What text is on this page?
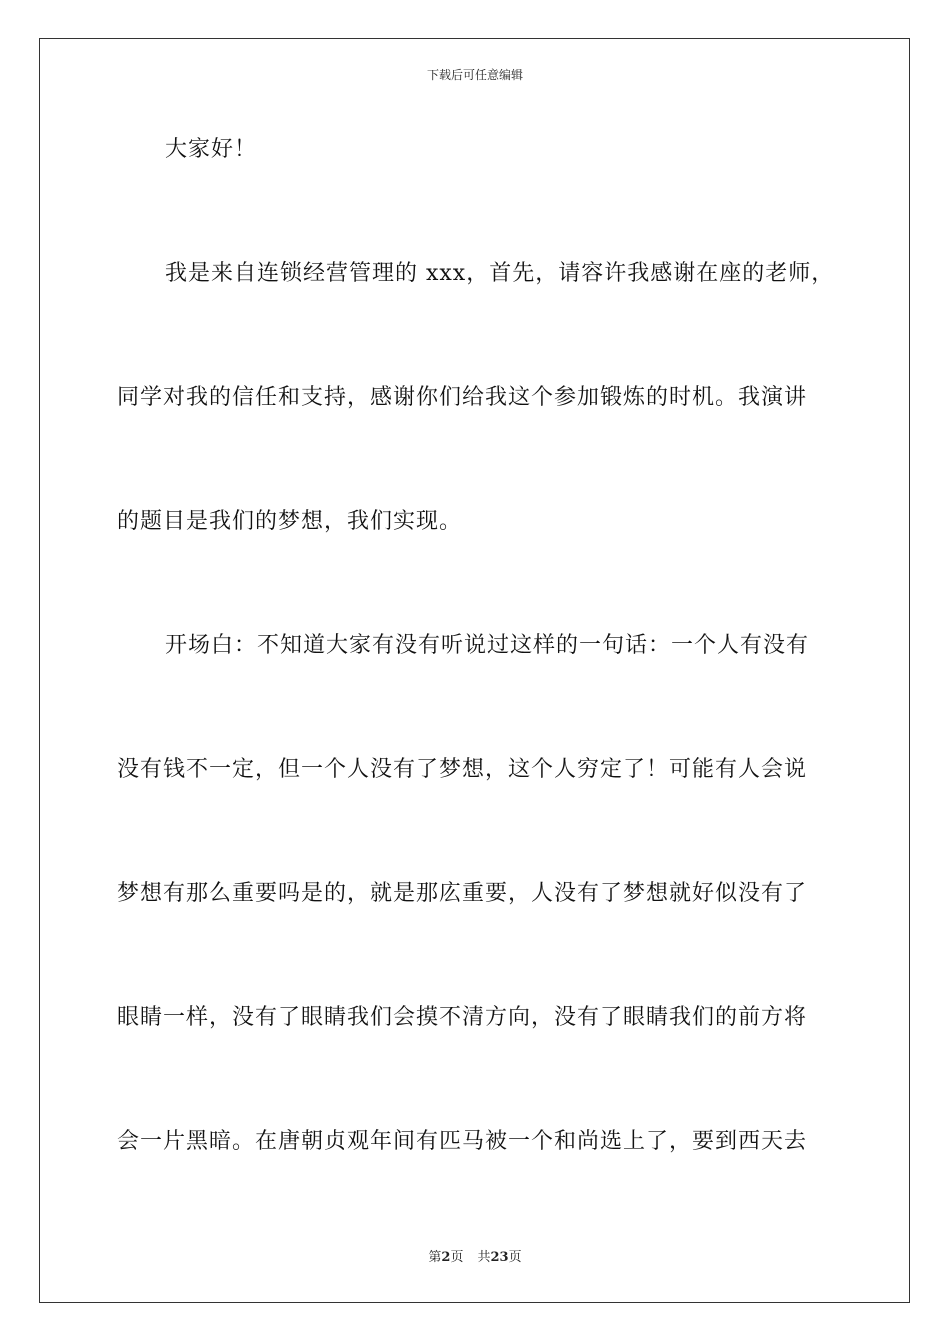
下载后可任意编辑
大家好！
我是来自连锁经营管理的 xxx，首先，请容许我感谢在座的老师，
同学对我的信任和支持，感谢你们给我这个参加锻炼的时机。我演讲
的题目是我们的梦想，我们实现。
开场白：不知道大家有没有听说过这样的一句话：一个人有没有
没有钱不一定，但一个人没有了梦想，这个人穷定了！可能有人会说
梦想有那么重要吗是的，就是那庅重要，人没有了梦想就好似没有了
眼睛一样，没有了眼睛我们会摸不清方向，没有了眼睛我们的前方将
会一片黑暗。在唐朝贞观年间有匹马被一个和尚选上了，要到西天去
第2页 共23页
